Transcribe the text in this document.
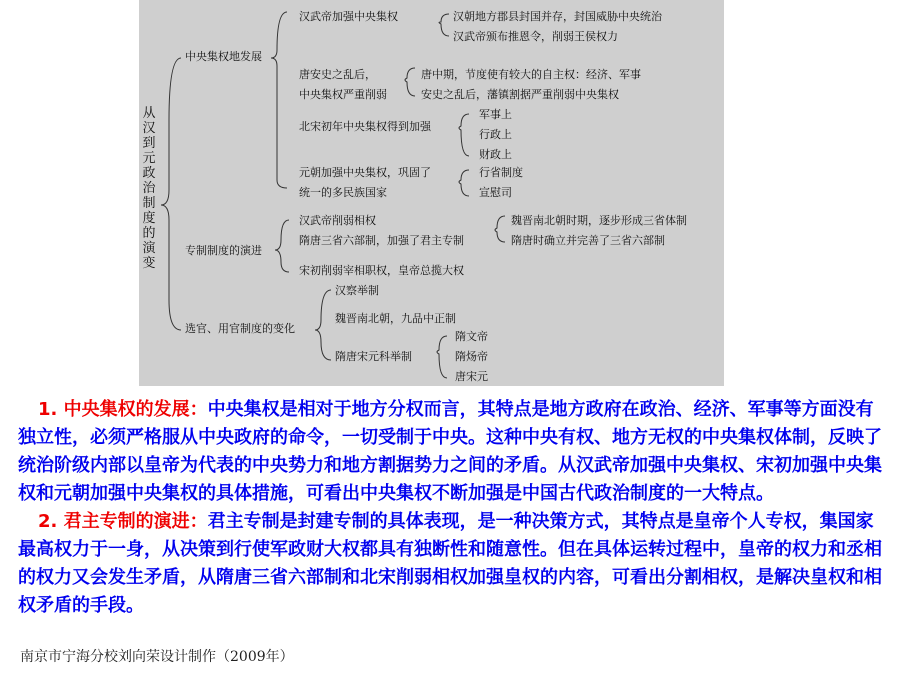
从汉到元政治制度的演变
中央集权地发展
汉武帝加强中央集权	汉朝地方郡县封国并存，封国威胁中央统治
汉武帝颁布推恩令，削弱王侯权力
唐安史之乱后，
中央集权严重削弱
唐中期，节度使有较大的自主权：经济、军事
安史之乱后，藩镇割据严重削弱中央集权
北宋初年中央集权得到加强
军事上
行政上
财政上
元朝加强中央集权，巩固了
统一的多民族国家
行省制度
宣慰司
专制制度的演进
汉武帝削弱相权
隋唐三省六部制，加强了君主专制
魏晋南北朝时期，逐步形成三省体制
隋唐时确立并完善了三省六部制
宋初削弱宰相职权，皇帝总揽大权
选官、用官制度的变化
汉察举制
魏晋南北朝，九品中正制
隋唐宋元科举制
隋文帝
隋炀帝
唐宋元

1. 中央集权的发展：中央集权是相对于地方分权而言，其特点是地方政府在政治、经济、军事等方面没有独立性，必须严格服从中央政府的命令，一切受制于中央。这种中央有权、地方无权的中央集权体制，反映了统治阶级内部以皇帝为代表的中央势力和地方割据势力之间的矛盾。从汉武帝加强中央集权、宋初加强中央集权和元朝加强中央集权的具体措施，可看出中央集权不断加强是中国古代政治制度的一大特点。

2. 君主专制的演进：君主专制是封建专制的具体表现，是一种决策方式，其特点是皇帝个人专权，集国家最高权力于一身，从决策到行使军政财大权都具有独断性和随意性。但在具体运转过程中，皇帝的权力和丞相的权力又会发生矛盾，从隋唐三省六部制和北宋削弱相权加强皇权的内容，可看出分割相权，是解决皇权和相权矛盾的手段。

南京市宁海分校刘向荣设计制作（2009年）
